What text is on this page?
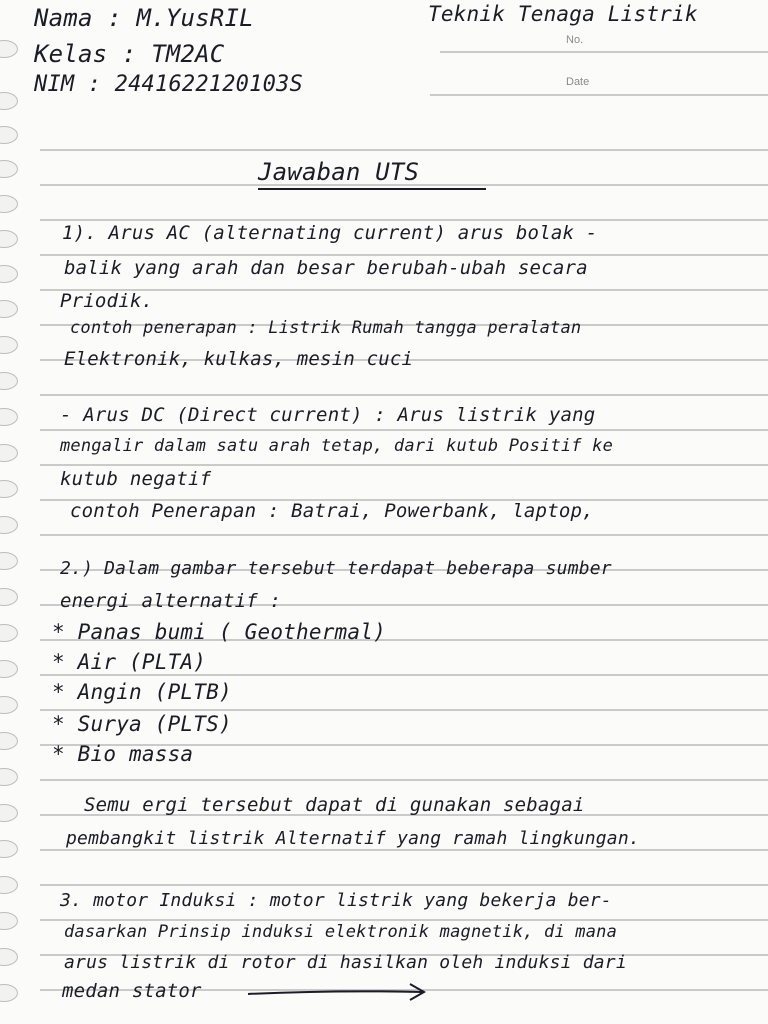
No.
Date
Nama : M.YusRIL
Kelas : TM2AC
NIM : 2441622120103S
Teknik Tenaga Listrik
Jawaban UTS
1). Arus AC (alternating current) arus bolak -
balik yang arah dan besar berubah-ubah secara
Priodik.
contoh penerapan : Listrik Rumah tangga peralatan
Elektronik, kulkas, mesin cuci
- Arus DC (Direct current) : Arus listrik yang
mengalir dalam satu arah tetap, dari kutub Positif ke
kutub negatif
contoh Penerapan : Batrai, Powerbank, laptop,
2.) Dalam gambar tersebut terdapat beberapa sumber
energi alternatif :
* Panas bumi ( Geothermal)
* Air (PLTA)
* Angin (PLTB)
* Surya (PLTS)
* Bio massa
Semu ergi tersebut dapat di gunakan sebagai
pembangkit listrik Alternatif yang ramah lingkungan.
3. motor Induksi : motor listrik yang bekerja ber-
dasarkan Prinsip induksi elektronik magnetik, di mana
arus listrik di rotor di hasilkan oleh induksi dari
medan stator
